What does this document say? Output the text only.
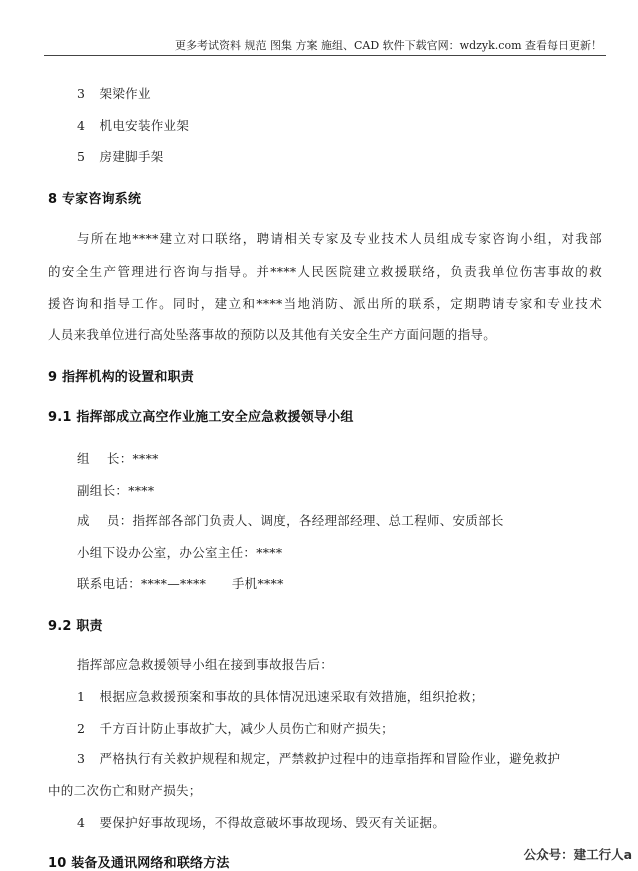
更多考试资料 规范 图集 方案 施组、CAD 软件下载官网：wdzyk.com 查看每日更新！
3 架梁作业
4 机电安装作业架
5 房建脚手架
8 专家咨询系统
与所在地****建立对口联络，聘请相关专家及专业技术人员组成专家咨询小组，对我部
的安全生产管理进行咨询与指导。并****人民医院建立救援联络，负责我单位伤害事故的救
援咨询和指导工作。同时，建立和****当地消防、派出所的联系，定期聘请专家和专业技术
人员来我单位进行高处坠落事故的预防以及其他有关安全生产方面问题的指导。
9 指挥机构的设置和职责
9.1 指挥部成立高空作业施工安全应急救援领导小组
组    长：****
副组长：****
成    员：指挥部各部门负责人、调度，各经理部经理、总工程师、安质部长
小组下设办公室，办公室主任：****
联系电话：****—****      手机****
9.2 职责
指挥部应急救援领导小组在接到事故报告后：
1 根据应急救援预案和事故的具体情况迅速采取有效措施，组织抢救；
2 千方百计防止事故扩大，减少人员伤亡和财产损失；
3 严格执行有关救护规程和规定，严禁救护过程中的违章指挥和冒险作业，避免救护
中的二次伤亡和财产损失；
4 要保护好事故现场，不得故意破坏事故现场、毁灭有关证据。
10 装备及通讯网络和联络方法
公众号：建工行人a
